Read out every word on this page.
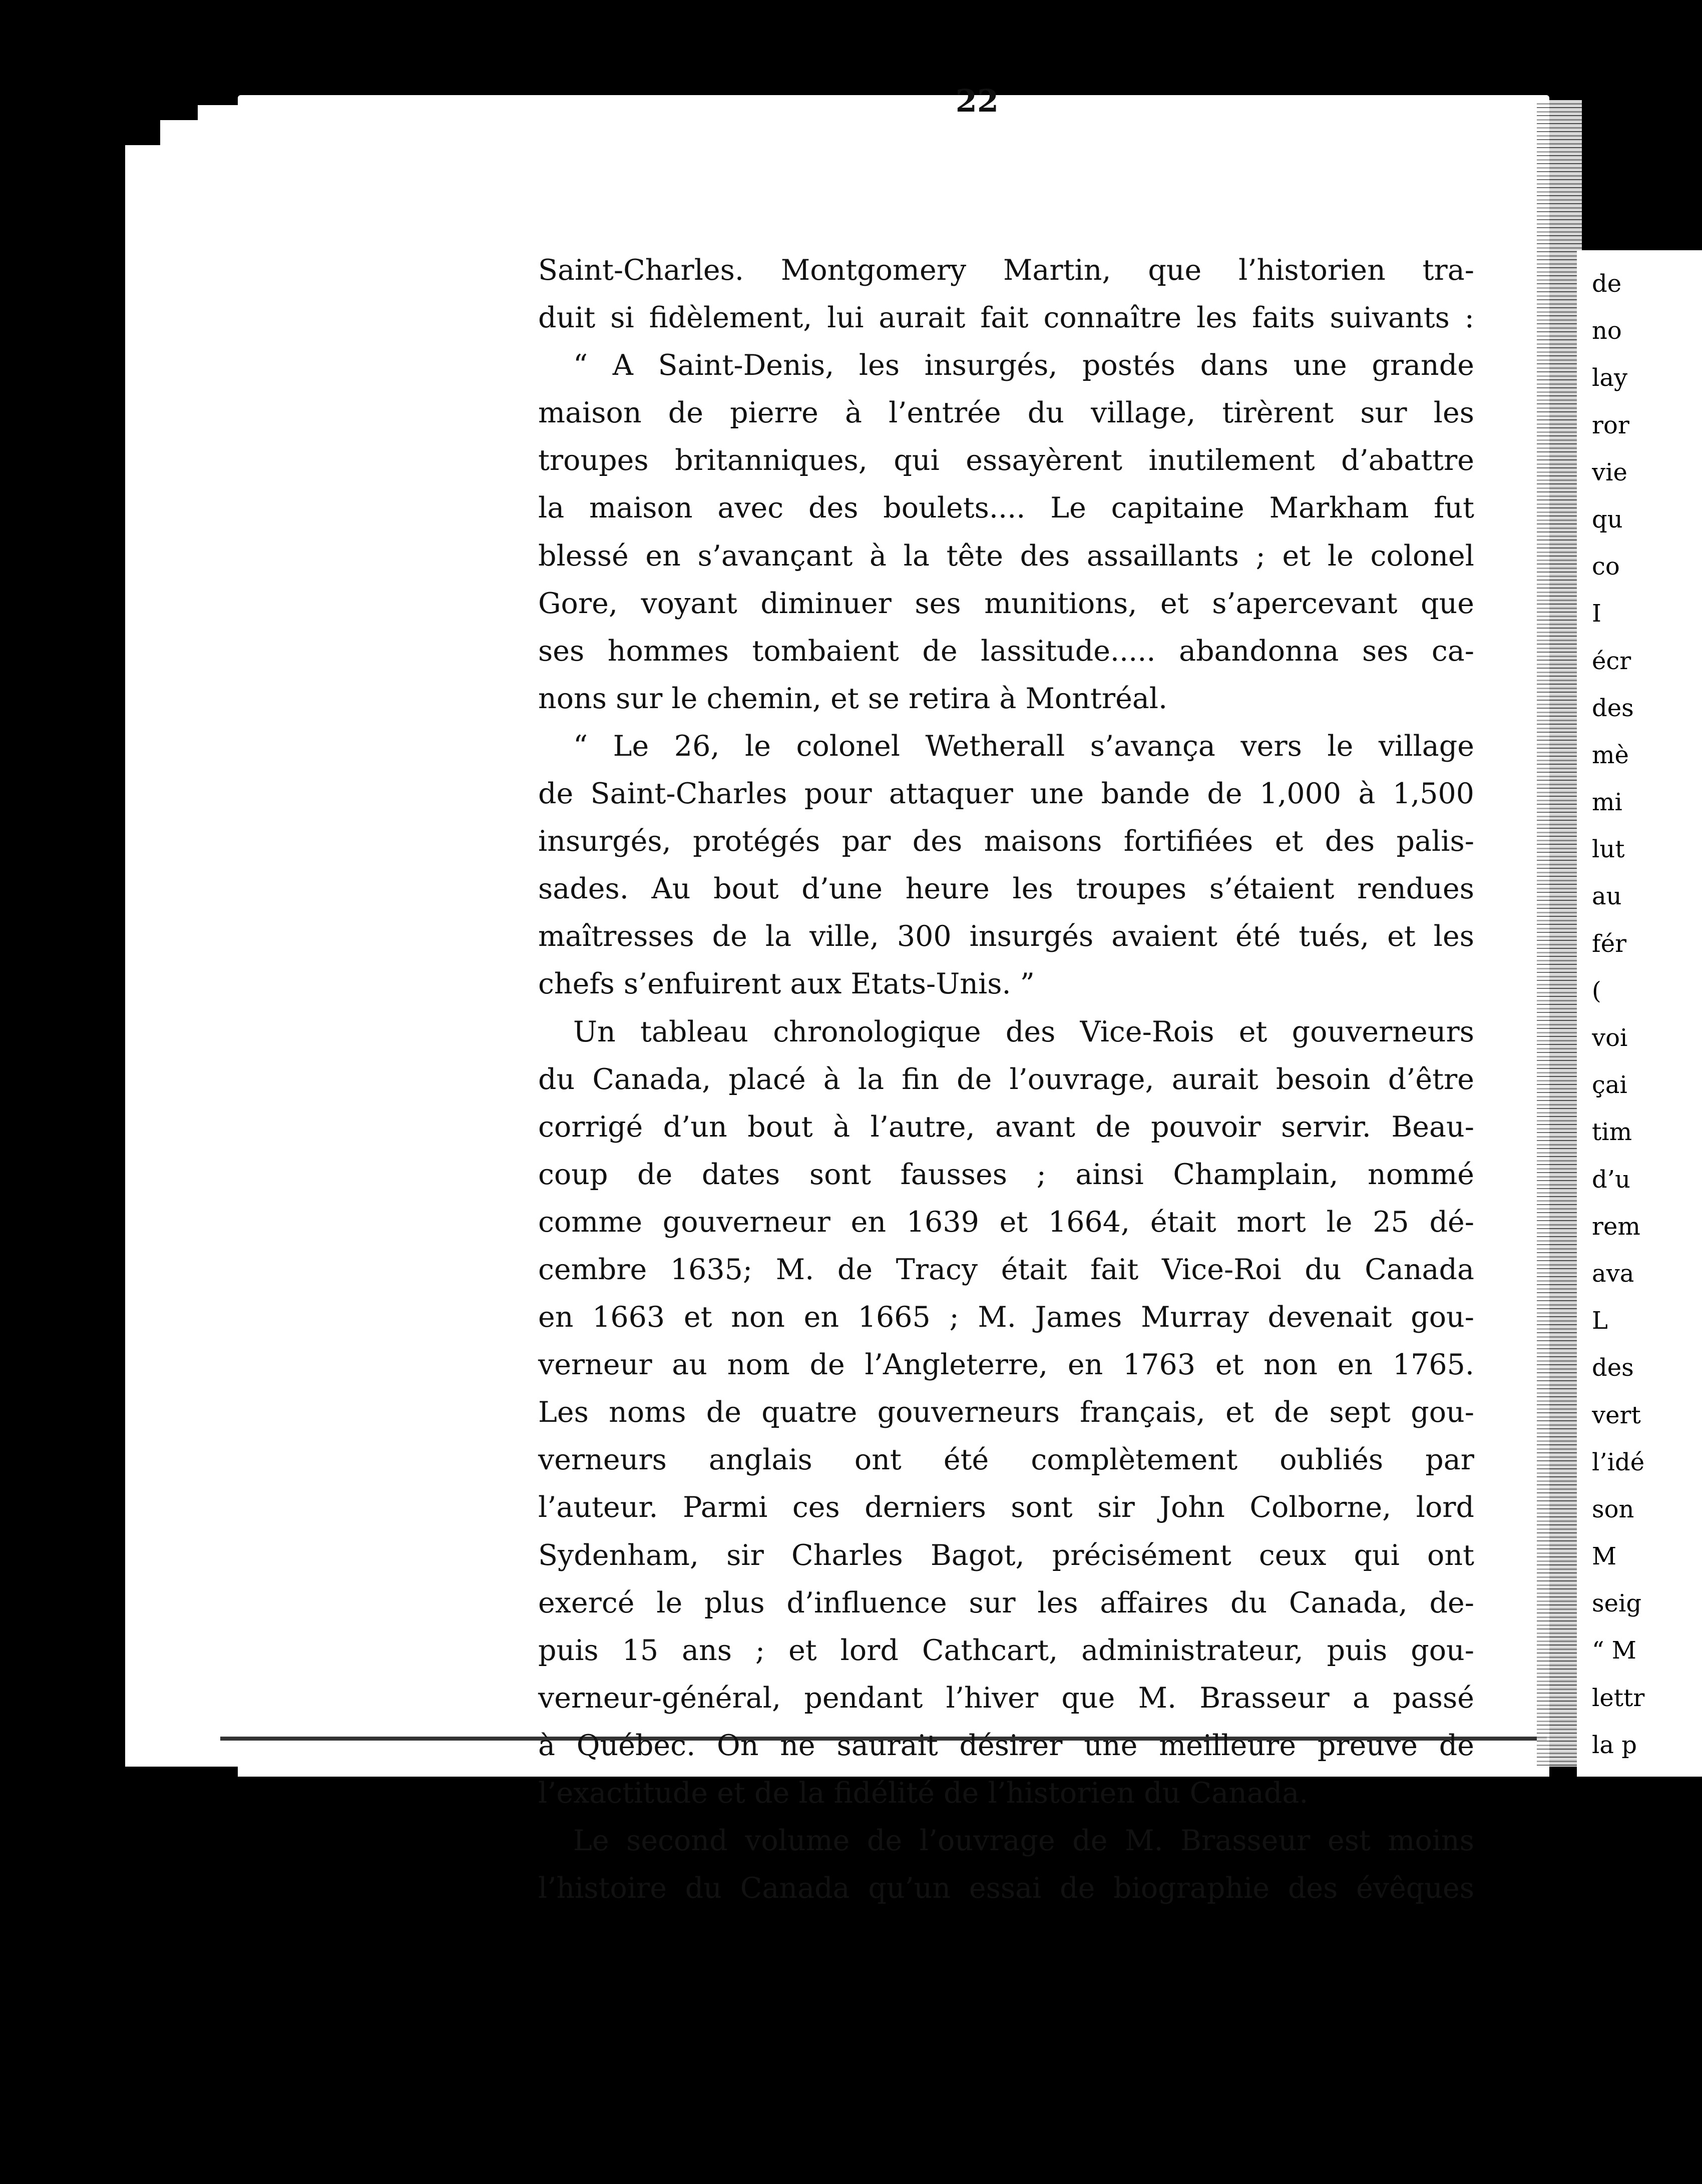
de
no
lay
ror
vie
qu
co
I
écr
des
mè
mi
lut
au
fér
(
voi
çai
tim
d’u
rem
ava
L
des
vert
l’idé
son
M
seig
“ M
lettr
la p
de
men
mai
22
Saint-Charles. Montgomery Martin, que l’historien tra-
duit si fidèlement, lui aurait fait connaître les faits suivants :
“ A Saint-Denis, les insurgés, postés dans une grande
maison de pierre à l’entrée du village, tirèrent sur les
troupes britanniques, qui essayèrent inutilement d’abattre
la maison avec des boulets.... Le capitaine Markham fut
blessé en s’avançant à la tête des assaillants ; et le colonel
Gore, voyant diminuer ses munitions, et s’apercevant que
ses hommes tombaient de lassitude..... abandonna ses ca-
nons sur le chemin, et se retira à Montréal.
“ Le 26, le colonel Wetherall s’avança vers le village
de Saint-Charles pour attaquer une bande de 1,000 à 1,500
insurgés, protégés par des maisons fortifiées et des palis-
sades. Au bout d’une heure les troupes s’étaient rendues
maîtresses de la ville, 300 insurgés avaient été tués, et les
chefs s’enfuirent aux Etats-Unis. ”
Un tableau chronologique des Vice-Rois et gouverneurs
du Canada, placé à la fin de l’ouvrage, aurait besoin d’être
corrigé d’un bout à l’autre, avant de pouvoir servir. Beau-
coup de dates sont fausses ; ainsi Champlain, nommé
comme gouverneur en 1639 et 1664, était mort le 25 dé-
cembre 1635; M. de Tracy était fait Vice-Roi du Canada
en 1663 et non en 1665 ; M. James Murray devenait gou-
verneur au nom de l’Angleterre, en 1763 et non en 1765.
Les noms de quatre gouverneurs français, et de sept gou-
verneurs anglais ont été complètement oubliés par
l’auteur. Parmi ces derniers sont sir John Colborne, lord
Sydenham, sir Charles Bagot, précisément ceux qui ont
exercé le plus d’influence sur les affaires du Canada, de-
puis 15 ans ; et lord Cathcart, administrateur, puis gou-
verneur-général, pendant l’hiver que M. Brasseur a passé
à Québec. On ne saurait désirer une meilleure preuve de
l’exactitude et de la fidélité de l’historien du Canada.
Le second volume de l’ouvrage de M. Brasseur est moins
l’histoire du Canada qu’un essai de biographie des évêques
